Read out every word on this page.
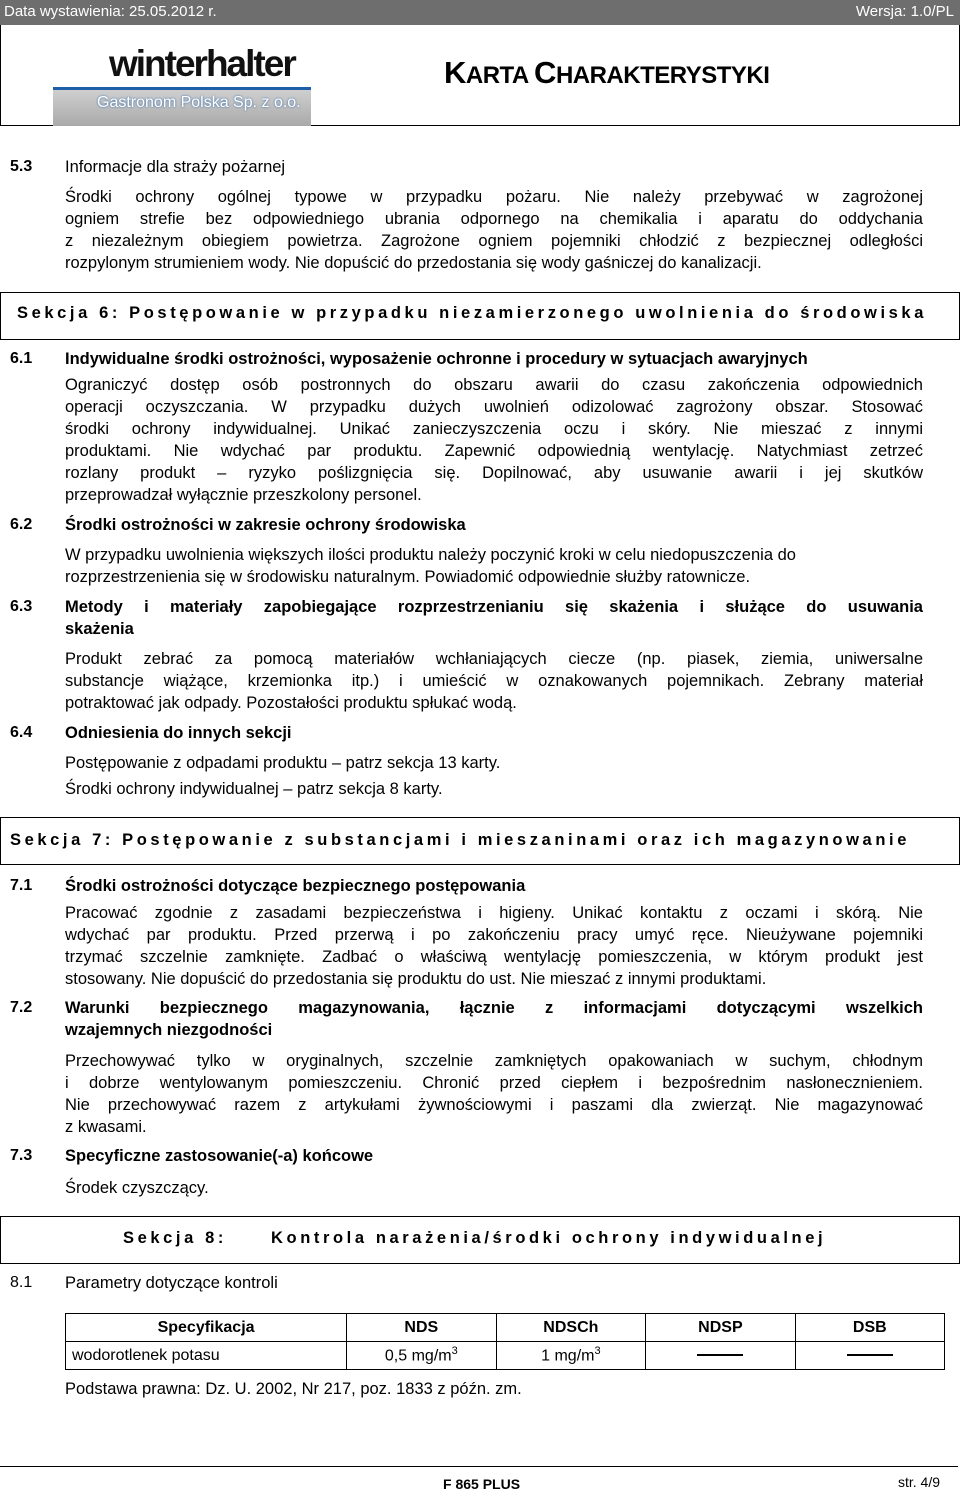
Data wystawienia: 25.05.2012 r.	Wersja: 1.0/PL
winterhalter
Gastronom Polska Sp. z o.o.
KARTA CHARAKTERYSTYKI
5.3 Informacje dla straży pożarnej
Środki ochrony ogólnej typowe w przypadku pożaru. Nie należy przebywać w zagrożonej
ogniem strefie bez odpowiedniego ubrania odpornego na chemikalia i aparatu do oddychania
z niezależnym obiegiem powietrza. Zagrożone ogniem pojemniki chłodzić z bezpiecznej odległości
rozpylonym strumieniem wody. Nie dopuścić do przedostania się wody gaśniczej do kanalizacji.
Sekcja 6: Postępowanie w przypadku niezamierzonego uwolnienia do środowiska
6.1 Indywidualne środki ostrożności, wyposażenie ochronne i procedury w sytuacjach awaryjnych
Ograniczyć dostęp osób postronnych do obszaru awarii do czasu zakończenia odpowiednich
operacji oczyszczania. W przypadku dużych uwolnień odizolować zagrożony obszar. Stosować
środki ochrony indywidualnej. Unikać zanieczyszczenia oczu i skóry. Nie mieszać z innymi
produktami. Nie wdychać par produktu. Zapewnić odpowiednią wentylację. Natychmiast zetrzeć
rozlany produkt – ryzyko poślizgnięcia się. Dopilnować, aby usuwanie awarii i jej skutków
przeprowadzał wyłącznie przeszkolony personel.
6.2 Środki ostrożności w zakresie ochrony środowiska
W przypadku uwolnienia większych ilości produktu należy poczynić kroki w celu niedopuszczenia do
rozprzestrzenienia się w środowisku naturalnym. Powiadomić odpowiednie służby ratownicze.
6.3 Metody i materiały zapobiegające rozprzestrzenianiu się skażenia i służące do usuwania
skażenia
Produkt zebrać za pomocą materiałów wchłaniających ciecze (np. piasek, ziemia, uniwersalne
substancje wiążące, krzemionka itp.) i umieścić w oznakowanych pojemnikach. Zebrany materiał
potraktować jak odpady. Pozostałości produktu spłukać wodą.
6.4 Odniesienia do innych sekcji
Postępowanie z odpadami produktu – patrz sekcja 13 karty.
Środki ochrony indywidualnej – patrz sekcja 8 karty.
Sekcja 7: Postępowanie z substancjami i mieszaninami oraz ich magazynowanie
7.1 Środki ostrożności dotyczące bezpiecznego postępowania
Pracować zgodnie z zasadami bezpieczeństwa i higieny. Unikać kontaktu z oczami i skórą. Nie
wdychać par produktu. Przed przerwą i po zakończeniu pracy umyć ręce. Nieużywane pojemniki
trzymać szczelnie zamknięte. Zadbać o właściwą wentylację pomieszczenia, w którym produkt jest
stosowany. Nie dopuścić do przedostania się produktu do ust. Nie mieszać z innymi produktami.
7.2 Warunki bezpiecznego magazynowania, łącznie z informacjami dotyczącymi wszelkich
wzajemnych niezgodności
Przechowywać tylko w oryginalnych, szczelnie zamkniętych opakowaniach w suchym, chłodnym
i dobrze wentylowanym pomieszczeniu. Chronić przed ciepłem i bezpośrednim nasłonecznieniem.
Nie przechowywać razem z artykułami żywnościowymi i paszami dla zwierząt. Nie magazynować
z kwasami.
7.3 Specyficzne zastosowanie(-a) końcowe
Środek czyszczący.
Sekcja 8:	Kontrola narażenia/środki ochrony indywidualnej
8.1 Parametry dotyczące kontroli
Specyfikacja	NDS	NDSCh	NDSP	DSB
wodorotlenek potasu	0,5 $mg/m^3$	1 $mg/m^3$		
Podstawa prawna: Dz. U. 2002, Nr 217, poz. 1833 z późn. zm.
F 865 PLUS	str. 4/9
